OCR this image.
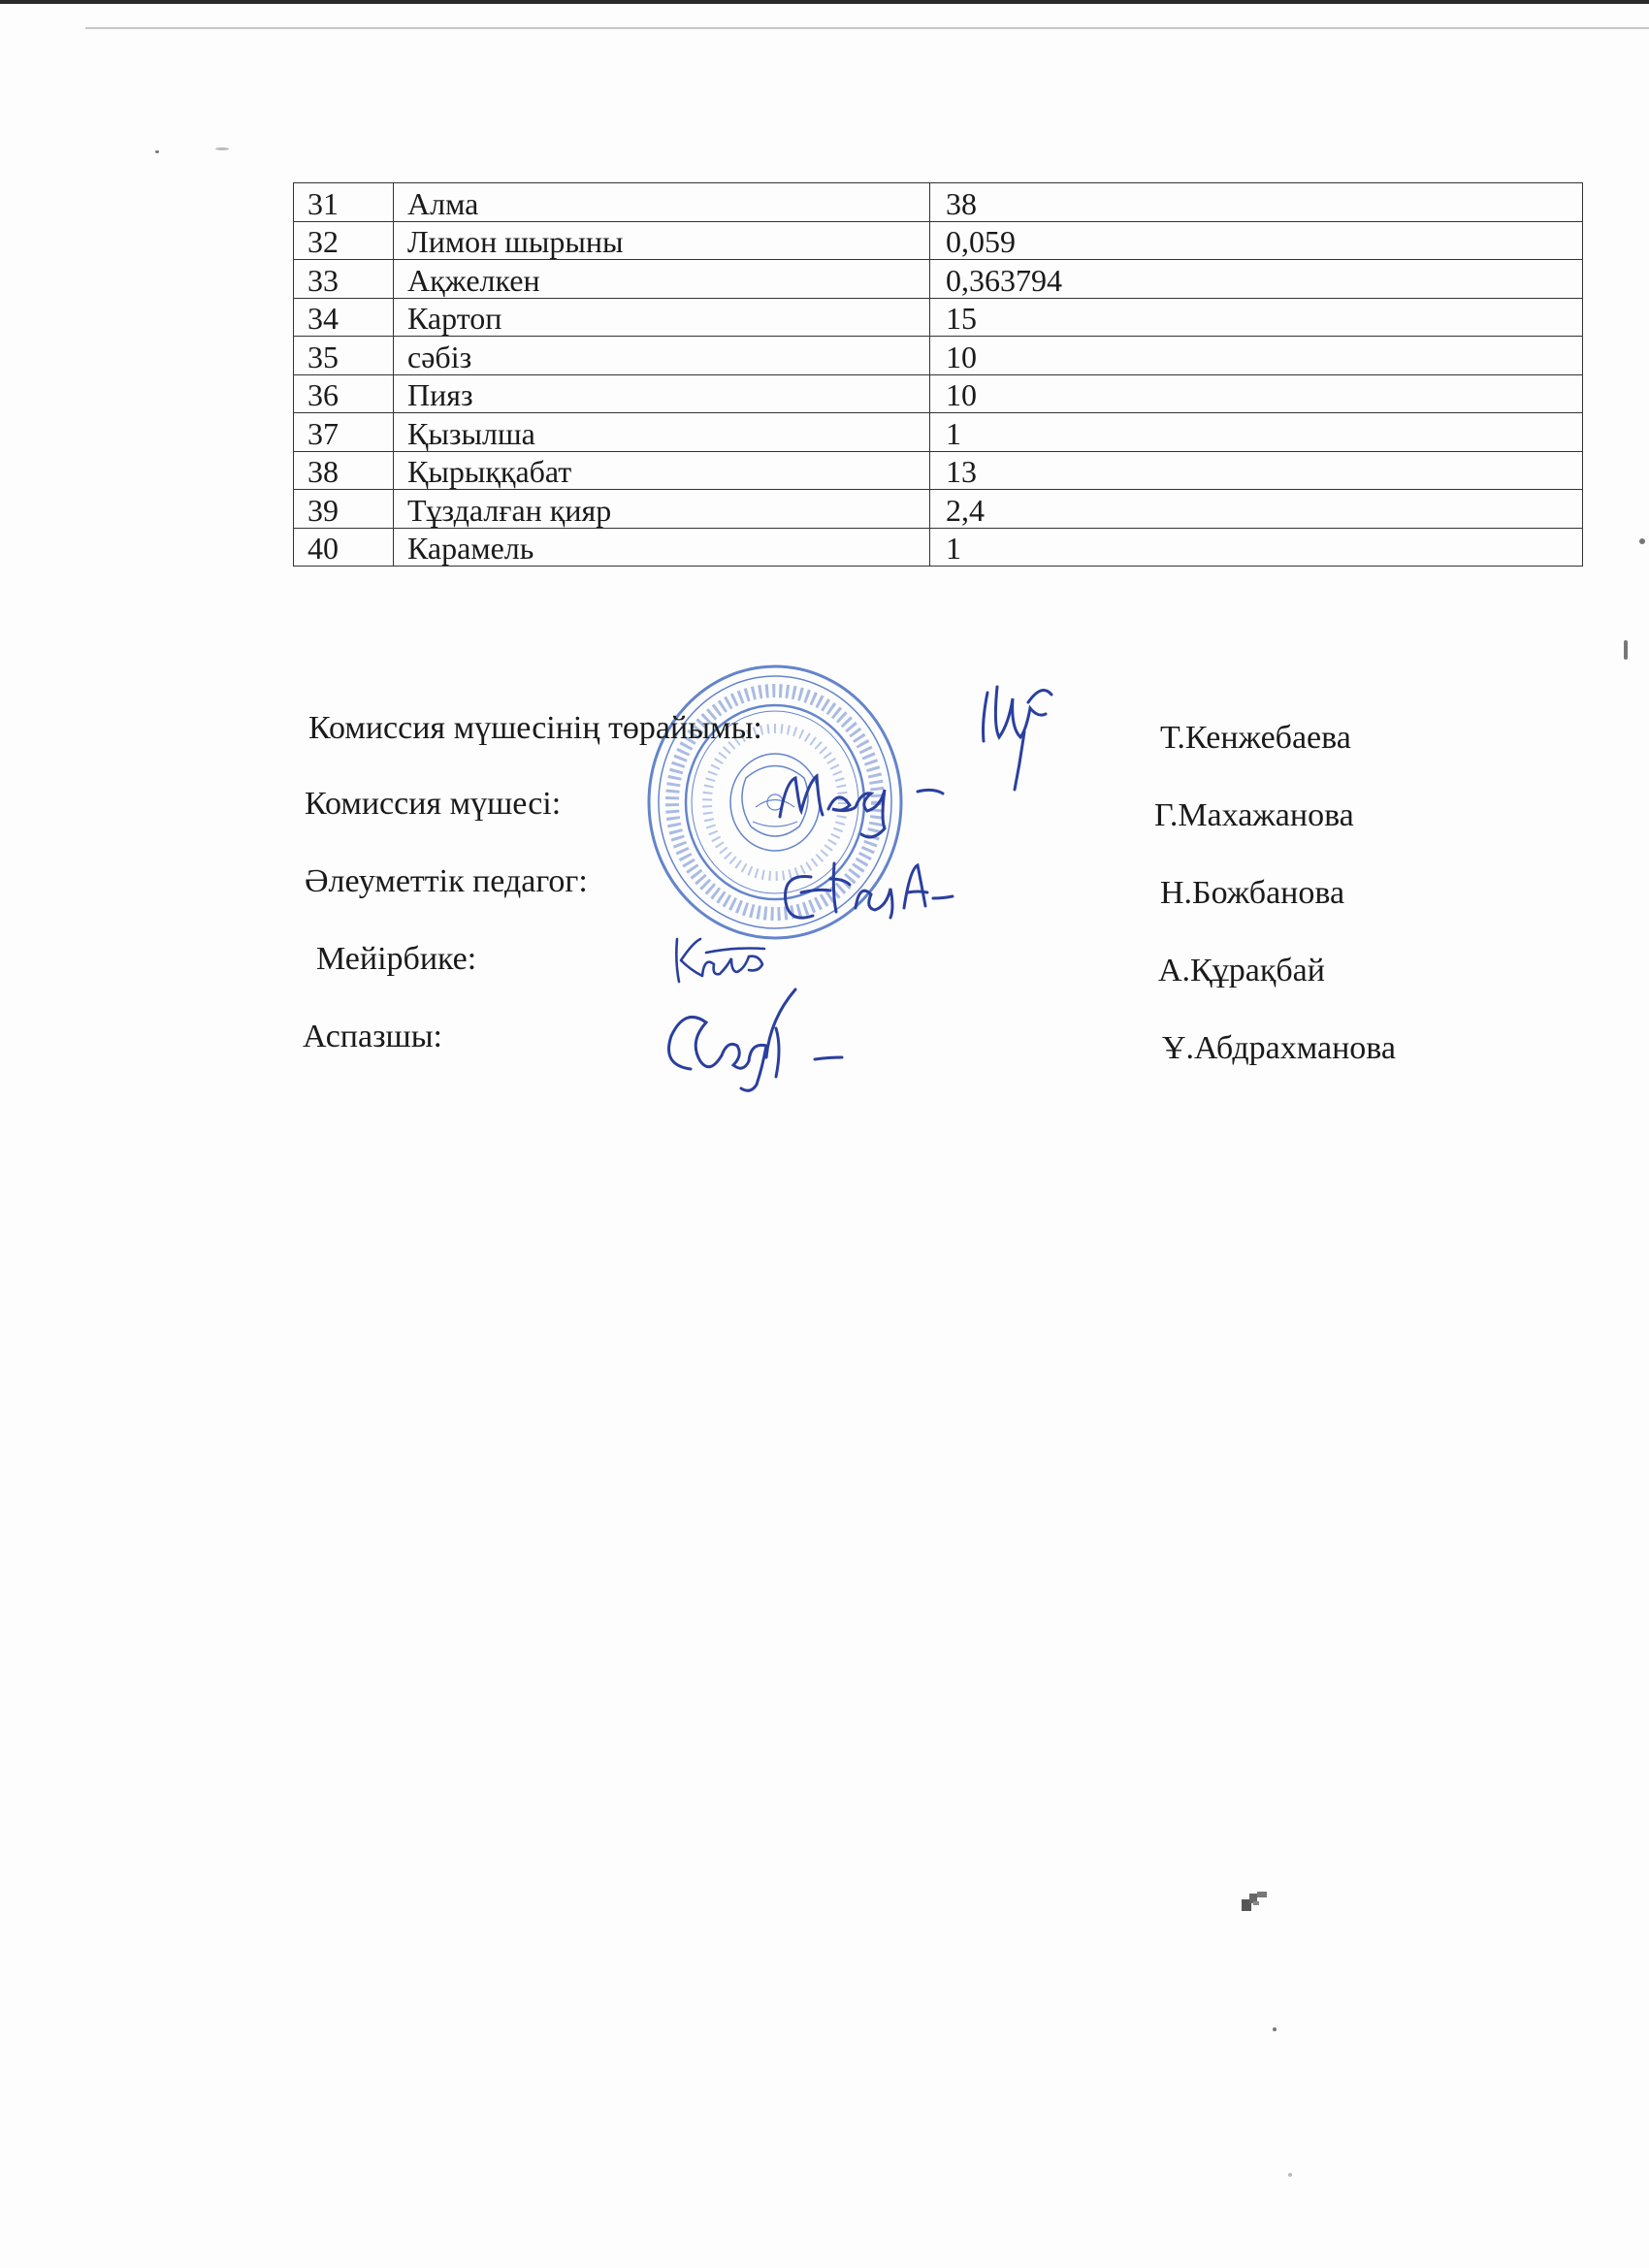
31	Алма	38
32	Лимон шырыны	0,059
33	Ақжелкен	0,363794
34	Картоп	15
35	сәбіз	10
36	Пияз	10
37	Қызылша	1
38	Қырыққабат	13
39	Тұздалған қияр	2,4
40	Карамель	1
Комиссия мүшесінің төрайымы:	Т.Кенжебаева
Комиссия мүшесі:	Г.Махажанова
Әлеуметтік педагог:	Н.Божбанова
Мейірбике:	А.Құрақбай
Аспазшы:	Ұ.Абдрахманова
